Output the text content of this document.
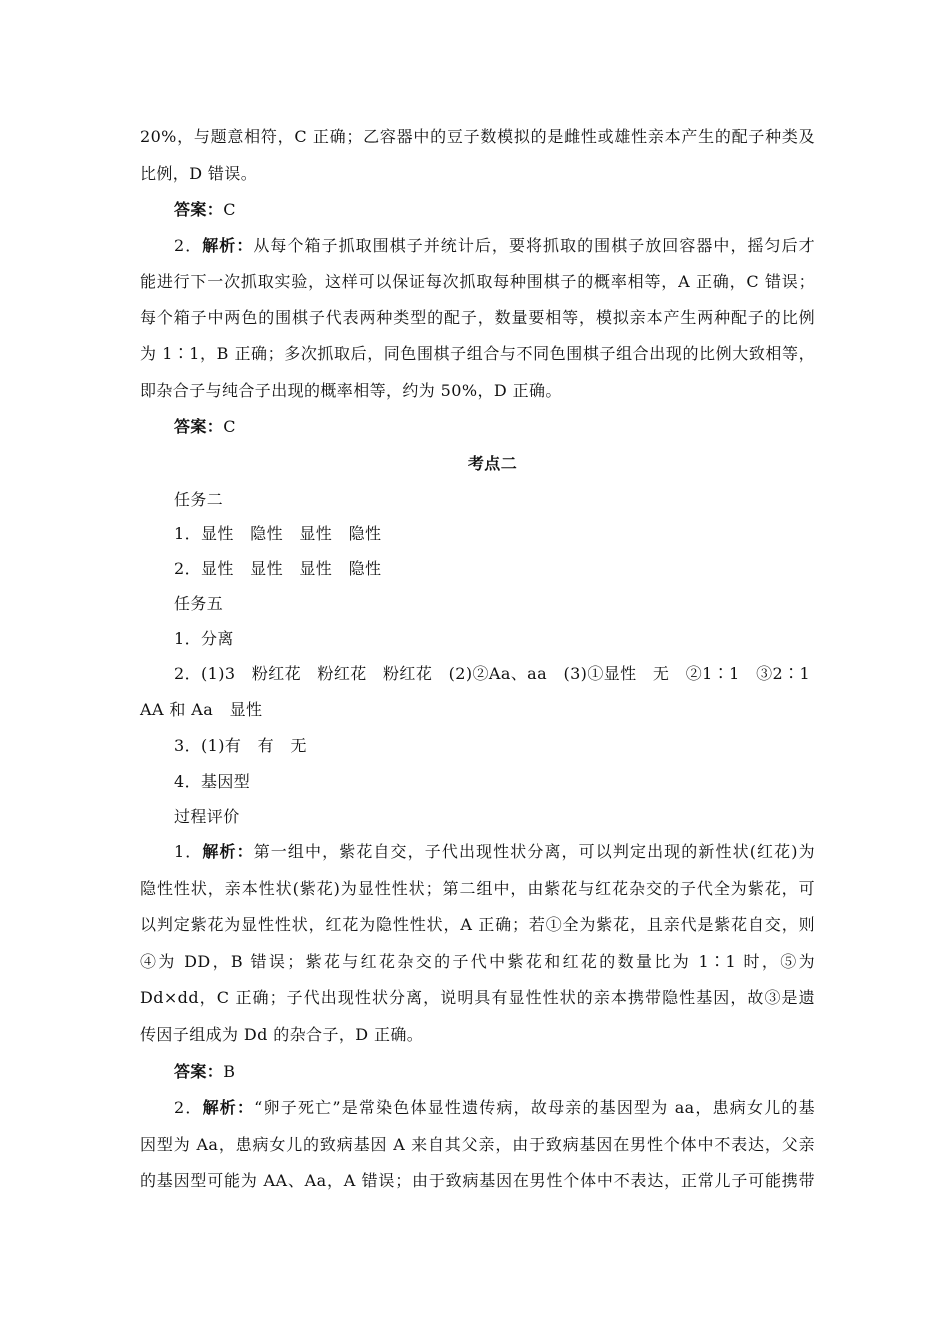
20%，与题意相符，C 正确；乙容器中的豆子数模拟的是雌性或雄性亲本产生的配子种类及
比例，D 错误。
答案：C
2．解析：从每个箱子抓取围棋子并统计后，要将抓取的围棋子放回容器中，摇匀后才
能进行下一次抓取实验，这样可以保证每次抓取每种围棋子的概率相等，A 正确，C 错误；
每个箱子中两色的围棋子代表两种类型的配子，数量要相等，模拟亲本产生两种配子的比例
为 1∶1，B 正确；多次抓取后，同色围棋子组合与不同色围棋子组合出现的比例大致相等，
即杂合子与纯合子出现的概率相等，约为 50%，D 正确。
答案：C
考点二
任务二
1．显性　隐性　显性　隐性
2．显性　显性　显性　隐性
任务五
1．分离
2．(1)3　粉红花　粉红花　粉红花　(2)②Aa、aa　(3)①显性　无　②1∶1　③2∶1
AA 和 Aa　显性
3．(1)有　有　无
4．基因型
过程评价
1．解析：第一组中，紫花自交，子代出现性状分离，可以判定出现的新性状(红花)为
隐性性状，亲本性状(紫花)为显性性状；第二组中，由紫花与红花杂交的子代全为紫花，可
以判定紫花为显性性状，红花为隐性性状，A 正确；若①全为紫花，且亲代是紫花自交，则
④为 DD，B 错误；紫花与红花杂交的子代中紫花和红花的数量比为 1∶1 时，⑤为
Dd×dd，C 正确；子代出现性状分离，说明具有显性性状的亲本携带隐性基因，故③是遗
传因子组成为 Dd 的杂合子，D 正确。
答案：B
2．解析：“卵子死亡”是常染色体显性遗传病，故母亲的基因型为 aa，患病女儿的基
因型为 Aa，患病女儿的致病基因 A 来自其父亲，由于致病基因在男性个体中不表达，父亲
的基因型可能为 AA、Aa，A 错误；由于致病基因在男性个体中不表达，正常儿子可能携带
